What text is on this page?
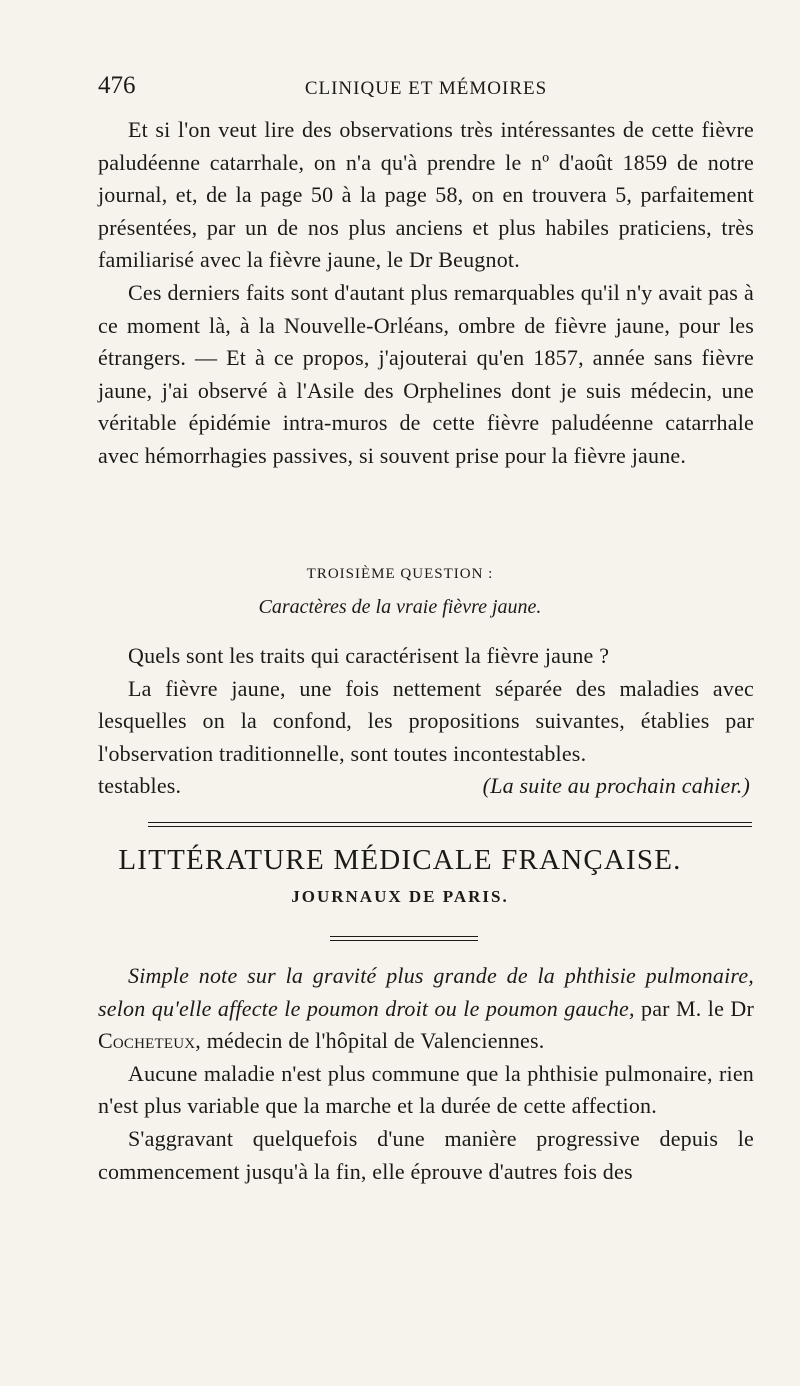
476	CLINIQUE ET MÉMOIRES

Et si l'on veut lire des observations très intéressantes de cette fièvre paludéenne catarrhale, on n'a qu'à prendre le nº d'août 1859 de notre journal, et, de la page 50 à la page 58, on en trouvera 5, parfaitement présentées, par un de nos plus anciens et plus habiles praticiens, très familiarisé avec la fièvre jaune, le Dr Beugnot.

Ces derniers faits sont d'autant plus remarquables qu'il n'y avait pas à ce moment là, à la Nouvelle-Orléans, ombre de fièvre jaune, pour les étrangers. — Et à ce propos, j'ajouterai qu'en 1857, année sans fièvre jaune, j'ai observé à l'Asile des Orphelines dont je suis médecin, une véritable épidémie intra-muros de cette fièvre paludéenne catarrhale avec hémorrhagies passives, si souvent prise pour la fièvre jaune.

TROISIÈME QUESTION :
Caractères de la vraie fièvre jaune.

Quels sont les traits qui caractérisent la fièvre jaune ?

La fièvre jaune, une fois nettement séparée des maladies avec lesquelles on la confond, les propositions suivantes, établies par l'observation traditionnelle, sont toutes incontestables.

testables.	(La suite au prochain cahier.)

LITTÉRATURE MÉDICALE FRANÇAISE.
JOURNAUX DE PARIS.

Simple note sur la gravité plus grande de la phthisie pulmonaire, selon qu'elle affecte le poumon droit ou le poumon gauche, par M. le Dr Cocheteux, médecin de l'hôpital de Valenciennes.

Aucune maladie n'est plus commune que la phthisie pulmonaire, rien n'est plus variable que la marche et la durée de cette affection.

S'aggravant quelquefois d'une manière progressive depuis le commencement jusqu'à la fin, elle éprouve d'autres fois des
